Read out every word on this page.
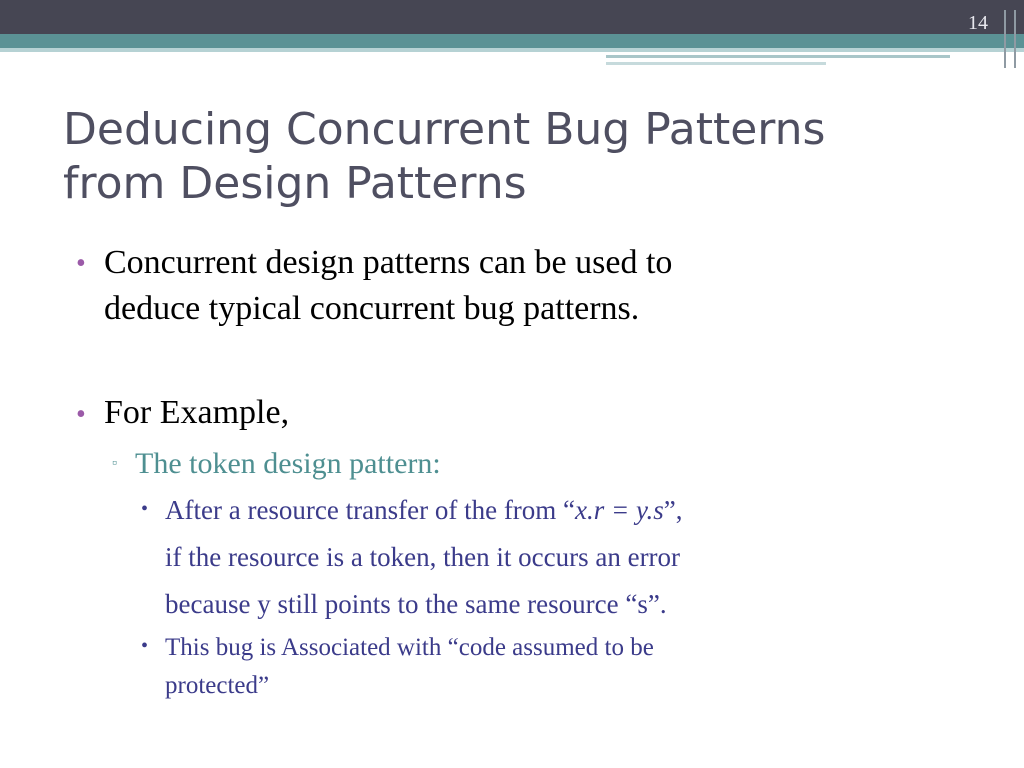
14
Deducing Concurrent Bug Patterns
from Design Patterns
• Concurrent design patterns can be used to
deduce typical concurrent bug patterns.
• For Example,
▫ The token design pattern:
• After a resource transfer of the from “x.r = y.s”,
if the resource is a token, then it occurs an error
because y still points to the same resource “s”.
• This bug is Associated with “code assumed to be
protected”
